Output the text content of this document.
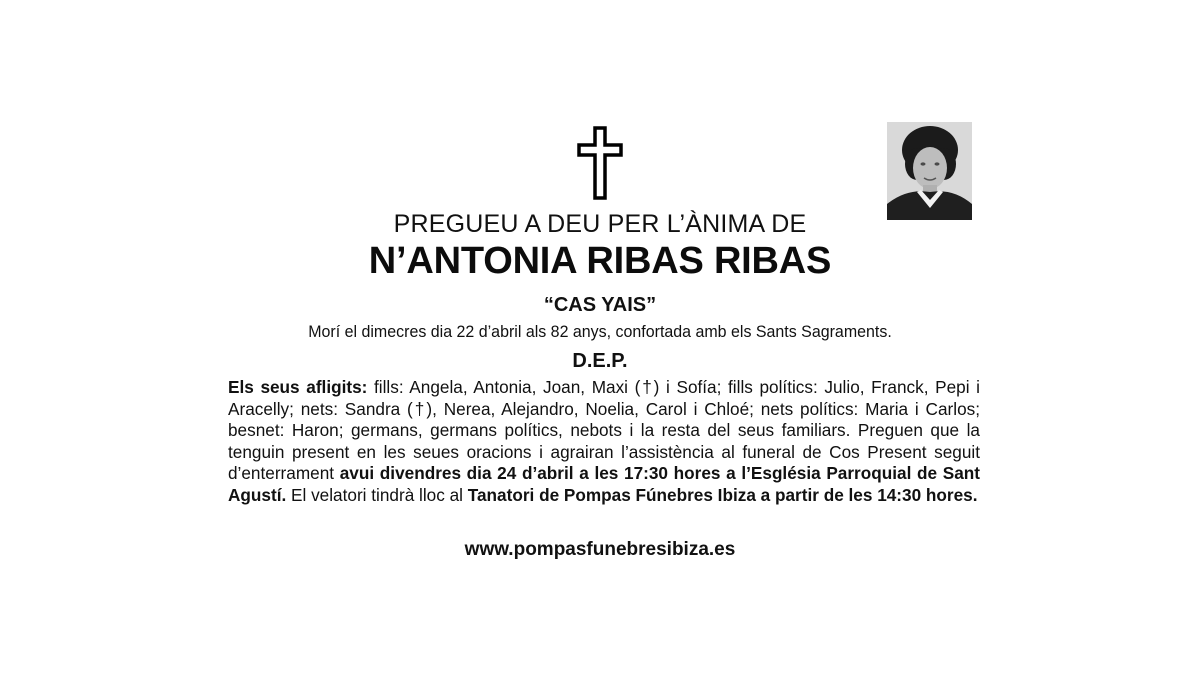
PREGUEU A DEU PER L’ÀNIMA DE
N’ANTONIA RIBAS RIBAS
“CAS YAIS”
Morí el dimecres dia 22 d’abril als 82 anys, confortada amb els Sants Sagraments.
D.E.P.
Els seus afligits: fills: Angela, Antonia, Joan, Maxi (†) i Sofía; fills polítics: Julio, Franck, Pepi i Aracelly; nets: Sandra (†), Nerea, Alejandro, Noelia, Carol i Chloé; nets polítics: Maria i Carlos; besnet: Haron; germans, germans polítics, nebots i la resta del seus familiars. Preguen que la tenguin present en les seues oracions i agrairan l’assistència al funeral de Cos Present seguit d’enterrament avui divendres dia 24 d’abril a les 17:30 hores a l’Església Parroquial de Sant Agustí. El velatori tindrà lloc al Tanatori de Pompas Fúnebres Ibiza a partir de les 14:30 hores.
www.pompasfunebresibiza.es
